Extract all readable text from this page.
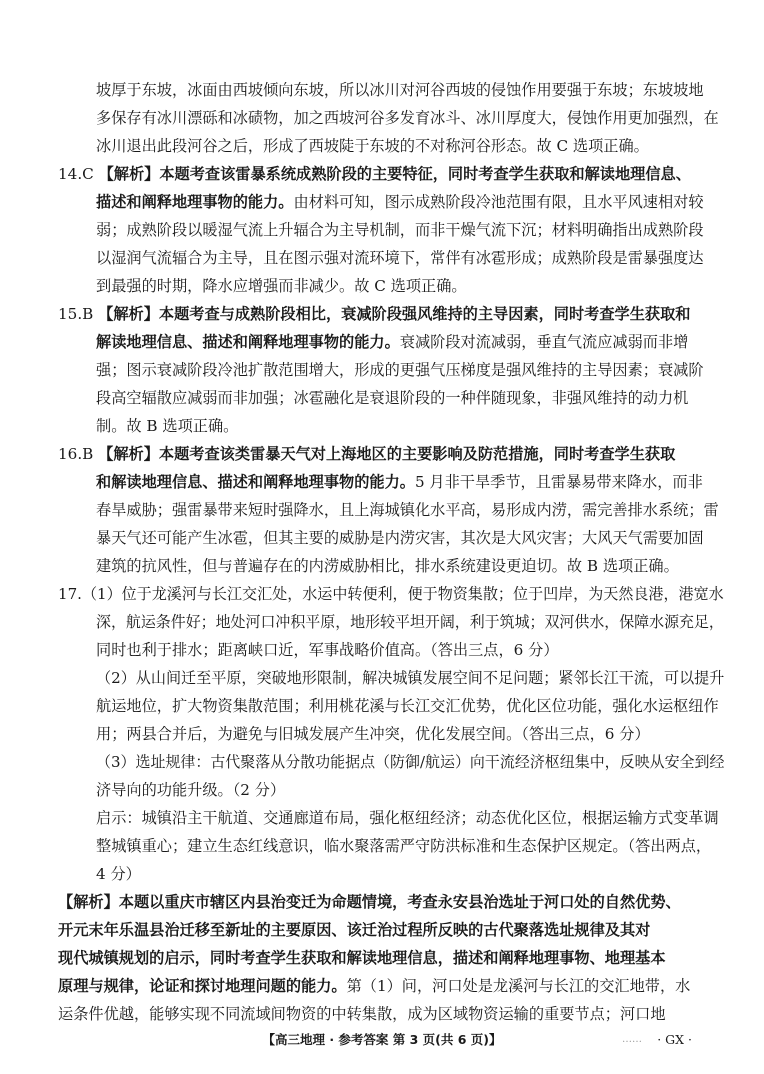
坡厚于东坡，冰面由西坡倾向东坡，所以冰川对河谷西坡的侵蚀作用要强于东坡；东坡坡地
多保存有冰川漂砾和冰碛物，加之西坡河谷多发育冰斗、冰川厚度大，侵蚀作用更加强烈，在
冰川退出此段河谷之后，形成了西坡陡于东坡的不对称河谷形态。故 C 选项正确。
14.C 【解析】本题考查该雷暴系统成熟阶段的主要特征，同时考查学生获取和解读地理信息、
描述和阐释地理事物的能力。由材料可知，图示成熟阶段冷池范围有限，且水平风速相对较
弱；成熟阶段以暖湿气流上升辐合为主导机制，而非干燥气流下沉；材料明确指出成熟阶段
以湿润气流辐合为主导，且在图示强对流环境下，常伴有冰雹形成；成熟阶段是雷暴强度达
到最强的时期，降水应增强而非减少。故 C 选项正确。
15.B 【解析】本题考查与成熟阶段相比，衰减阶段强风维持的主导因素，同时考查学生获取和
解读地理信息、描述和阐释地理事物的能力。衰减阶段对流减弱，垂直气流应减弱而非增
强；图示衰减阶段冷池扩散范围增大，形成的更强气压梯度是强风维持的主导因素；衰减阶
段高空辐散应减弱而非加强；冰雹融化是衰退阶段的一种伴随现象，非强风维持的动力机
制。故 B 选项正确。
16.B 【解析】本题考查该类雷暴天气对上海地区的主要影响及防范措施，同时考查学生获取
和解读地理信息、描述和阐释地理事物的能力。5 月非干旱季节，且雷暴易带来降水，而非
春旱威胁；强雷暴带来短时强降水，且上海城镇化水平高，易形成内涝，需完善排水系统；雷
暴天气还可能产生冰雹，但其主要的威胁是内涝灾害，其次是大风灾害；大风天气需要加固
建筑的抗风性，但与普遍存在的内涝威胁相比，排水系统建设更迫切。故 B 选项正确。
17.（1）位于龙溪河与长江交汇处，水运中转便利，便于物资集散；位于凹岸，为天然良港，港宽水
深，航运条件好；地处河口冲积平原，地形较平坦开阔，利于筑城；双河供水，保障水源充足，
同时也利于排水；距离峡口近，军事战略价值高。（答出三点，6 分）
（2）从山间迁至平原，突破地形限制，解决城镇发展空间不足问题；紧邻长江干流，可以提升
航运地位，扩大物资集散范围；利用桃花溪与长江交汇优势，优化区位功能，强化水运枢纽作
用；两县合并后，为避免与旧城发展产生冲突，优化发展空间。（答出三点，6 分）
（3）选址规律：古代聚落从分散功能据点（防御/航运）向干流经济枢纽集中，反映从安全到经
济导向的功能升级。（2 分）
启示：城镇沿主干航道、交通廊道布局，强化枢纽经济；动态优化区位，根据运输方式变革调
整城镇重心；建立生态红线意识，临水聚落需严守防洪标准和生态保护区规定。（答出两点，
4 分）
【解析】本题以重庆市辖区内县治变迁为命题情境，考查永安县治选址于河口处的自然优势、
开元末年乐温县治迁移至新址的主要原因、该迁治过程所反映的古代聚落选址规律及其对
现代城镇规划的启示，同时考查学生获取和解读地理信息，描述和阐释地理事物、地理基本
原理与规律，论证和探讨地理问题的能力。第（1）问，河口处是龙溪河与长江的交汇地带，水
运条件优越，能够实现不同流域间物资的中转集散，成为区域物资运输的重要节点；河口地
【高三地理 · 参考答案 第 3 页(共 6 页)】	…… · GX ·
